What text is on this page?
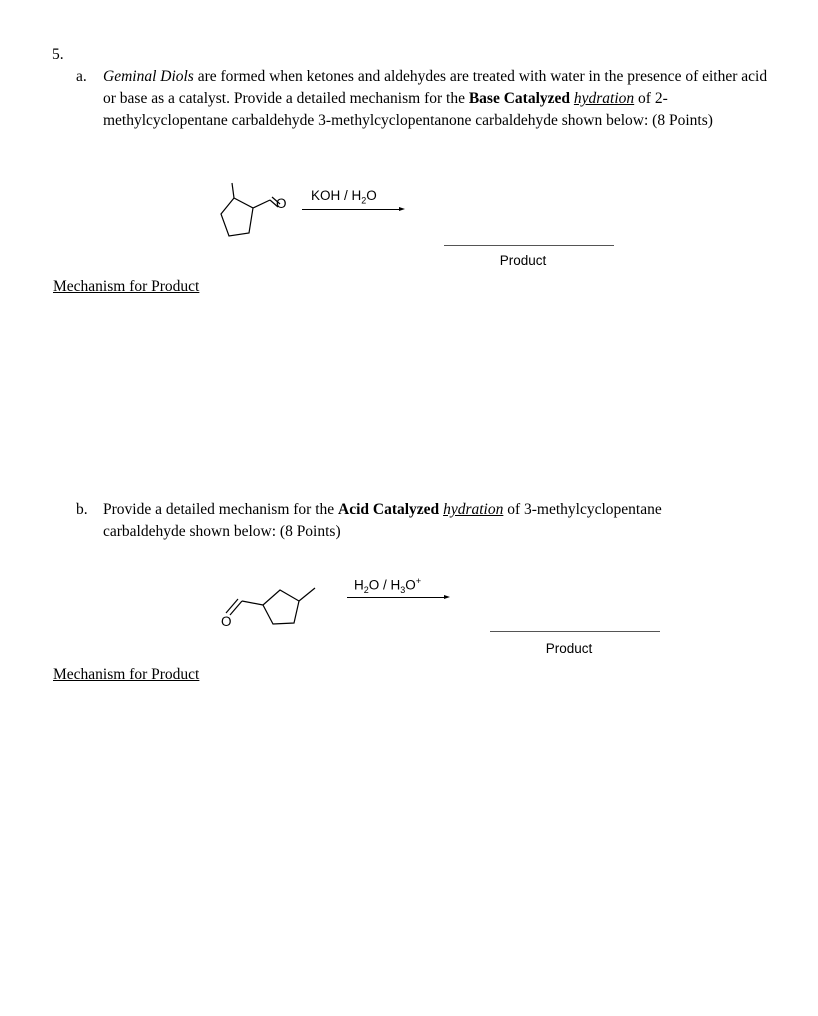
5.
a. Geminal Diols are formed when ketones and aldehydes are treated with water in the presence of either acid or base as a catalyst. Provide a detailed mechanism for the Base Catalyzed hydration of 2-methylcyclopentane carbaldehyde 3-methylcyclopentanone carbaldehyde shown below: (8 Points)
O
KOH / $H_2O$
Product
Mechanism for Product
b. Provide a detailed mechanism for the Acid Catalyzed hydration of 3-methylcyclopentane carbaldehyde shown below: (8 Points)
O
$H_2O / H_3O^+$
Product
Mechanism for Product
